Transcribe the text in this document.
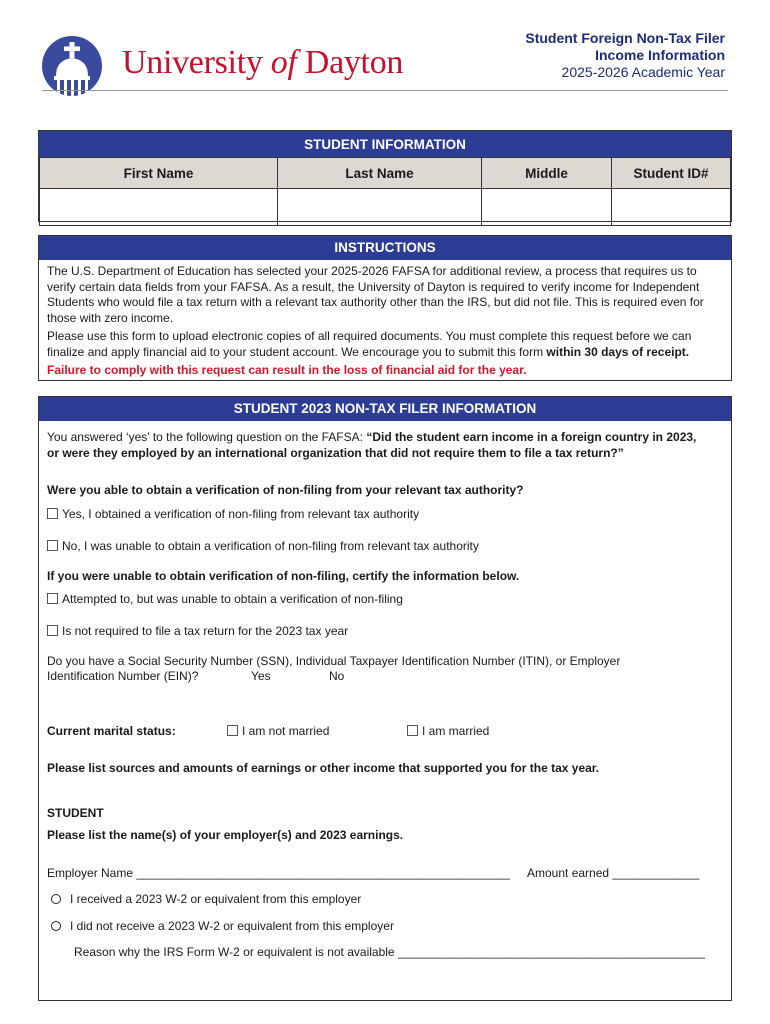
University of Dayton
Student Foreign Non-Tax Filer
Income Information
2025-2026 Academic Year
STUDENT INFORMATION
First Name	Last Name	Middle	Student ID#

INSTRUCTIONS

The U.S. Department of Education has selected your 2025-2026 FAFSA for additional review, a process that requires us to verify certain data fields from your FAFSA. As a result, the University of Dayton is required to verify income for Independent Students who would file a tax return with a relevant tax authority other than the IRS, but did not file. This is required even for those with zero income.

Please use this form to upload electronic copies of all required documents. You must complete this request before we can finalize and apply financial aid to your student account. We encourage you to submit this form within 30 days of receipt.

Failure to comply with this request can result in the loss of financial aid for the year.

STUDENT 2023 NON-TAX FILER INFORMATION
You answered ‘yes’ to the following question on the FAFSA: “Did the student earn income in a foreign country in 2023, or were they employed by an international organization that did not require them to file a tax return?”
Were you able to obtain a verification of non-filing from your relevant tax authority?
Yes, I obtained a verification of non-filing from relevant tax authority
No, I was unable to obtain a verification of non-filing from relevant tax authority
If you were unable to obtain verification of non-filing, certify the information below.
Attempted to, but was unable to obtain a verification of non-filing
Is not required to file a tax return for the 2023 tax year
Do you have a Social Security Number (SSN), Individual Taxpayer Identification Number (ITIN), or Employer
Identification Number (EIN)?	Yes	No
Current marital status:	I am not married	I am married
Please list sources and amounts of earnings or other income that supported you for the tax year.
STUDENT
Please list the name(s) of your employer(s) and 2023 earnings.
Employer Name ________________________________________________________ Amount earned _____________
I received a 2023 W-2 or equivalent from this employer
I did not receive a 2023 W-2 or equivalent from this employer
Reason why the IRS Form W-2 or equivalent is not available ______________________________________________
